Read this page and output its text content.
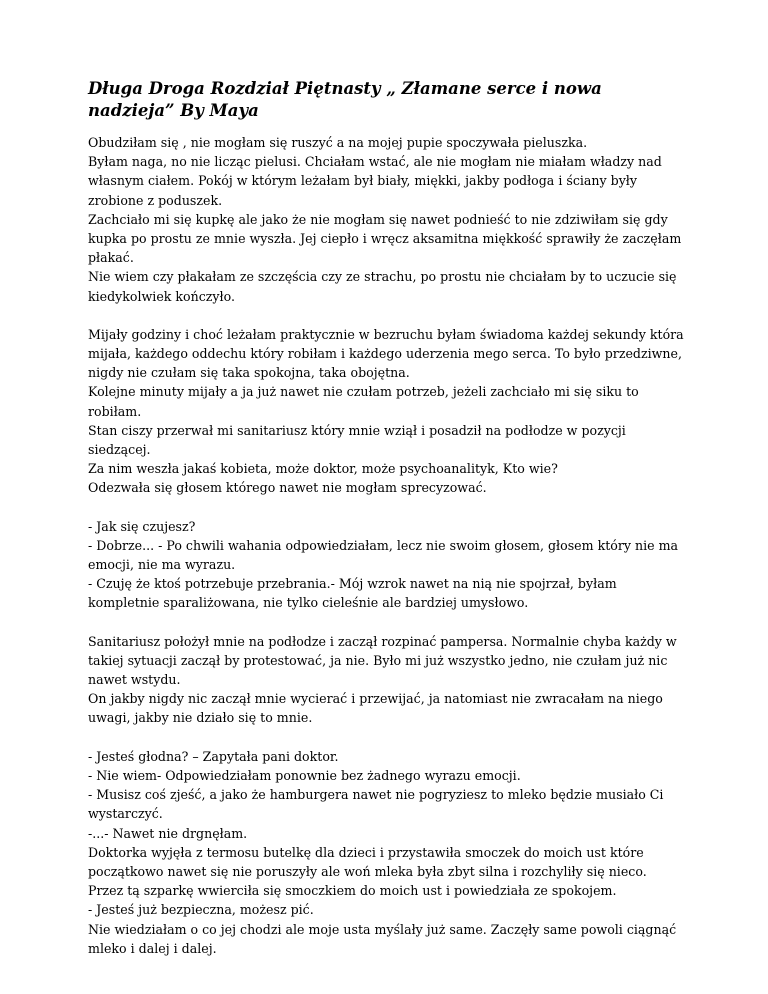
Długa Droga Rozdział Piętnasty „ Złamane serce i nowa nadzieja” By Maya
Obudziłam się , nie mogłam się ruszyć a na mojej pupie spoczywała pieluszka.
Byłam naga, no nie licząc pielusi. Chciałam wstać, ale nie mogłam nie miałam władzy nad własnym ciałem. Pokój w którym leżałam był biały, miękki, jakby podłoga i ściany były zrobione z poduszek.
Zachciało mi się kupkę ale jako że nie mogłam się nawet podnieść to nie zdziwiłam się gdy kupka po prostu ze mnie wyszła. Jej ciepło i wręcz aksamitna miękkość sprawiły że zaczęłam płakać.
Nie wiem czy płakałam ze szczęścia czy ze strachu, po prostu nie chciałam by to uczucie się kiedykolwiek kończyło.
Mijały godziny i choć leżałam praktycznie w bezruchu byłam świadoma każdej sekundy która mijała, każdego oddechu który robiłam i każdego uderzenia mego serca. To było przedziwne, nigdy nie czułam się taka spokojna, taka obojętna.
Kolejne minuty mijały a ja już nawet nie czułam potrzeb, jeżeli zachciało mi się siku to robiłam.
Stan ciszy przerwał mi sanitariusz który mnie wziął i posadził na podłodze w pozycji siedzącej.
Za nim weszła jakaś kobieta, może doktor, może psychoanalityk, Kto wie?
Odezwała się głosem którego nawet nie mogłam sprecyzować.
- Jak się czujesz?
- Dobrze... - Po chwili wahania odpowiedziałam, lecz nie swoim głosem, głosem który nie ma emocji, nie ma wyrazu.
- Czuję że ktoś potrzebuje przebrania.- Mój wzrok nawet na nią nie spojrzał, byłam kompletnie sparaliżowana, nie tylko cieleśnie ale bardziej umysłowo.
Sanitariusz położył mnie na podłodze i zaczął rozpinać pampersa. Normalnie chyba każdy w takiej sytuacji zaczął by protestować, ja nie. Było mi już wszystko jedno, nie czułam już nic nawet wstydu.
On jakby nigdy nic zaczął mnie wycierać i przewijać, ja natomiast nie zwracałam na niego uwagi, jakby nie działo się to mnie.
- Jesteś głodna? – Zapytała pani doktor.
- Nie wiem- Odpowiedziałam ponownie bez żadnego wyrazu emocji.
- Musisz coś zjeść, a jako że hamburgera nawet nie pogryziesz to mleko będzie musiało Ci wystarczyć.
-...- Nawet nie drgnęłam.
Doktorka wyjęła z termosu butelkę dla dzieci i przystawiła smoczek do moich ust które początkowo nawet się nie poruszyły ale woń mleka była zbyt silna i rozchyliły się nieco.
Przez tą szparkę wwierciła się smoczkiem do moich ust i powiedziała ze spokojem.
- Jesteś już bezpieczna, możesz pić.
Nie wiedziałam o co jej chodzi ale moje usta myślały już same. Zaczęły same powoli ciągnąć mleko i dalej i dalej.
